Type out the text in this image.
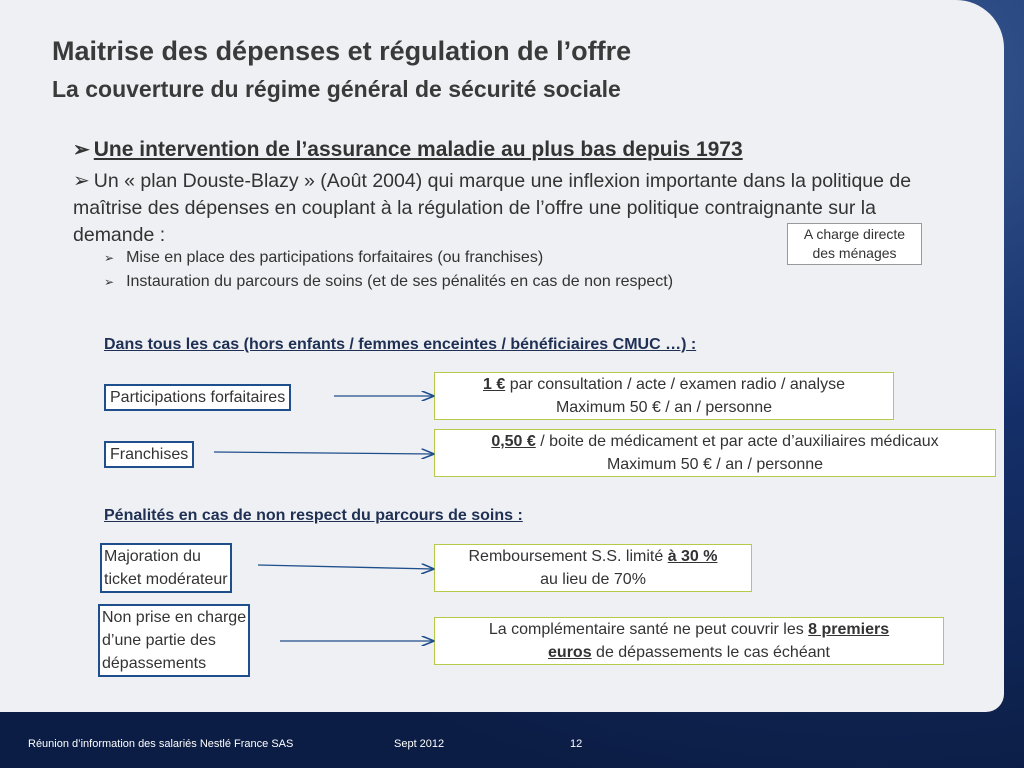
Maitrise des dépenses et régulation de l’offre
La couverture du régime général de sécurité sociale
➢ Une intervention de l’assurance maladie au plus bas depuis 1973
➢ Un « plan Douste-Blazy » (Août 2004) qui marque une inflexion importante dans la politique de maîtrise des dépenses en couplant à la régulation de l’offre une politique contraignante sur la demande :
➢ Mise en place des participations forfaitaires (ou franchises)
➢ Instauration du parcours de soins (et de ses pénalités en cas de non respect)
A charge directe
des ménages
Dans tous les cas (hors enfants / femmes enceintes / bénéficiaires CMUC …) :
Participations forfaitaires
1 € par consultation / acte / examen radio / analyse
Maximum 50 € / an / personne
Franchises
0,50 € / boite de médicament et par acte d’auxiliaires médicaux
Maximum 50 € / an / personne
Pénalités en cas de non respect du parcours de soins :
Majoration du
ticket modérateur
Remboursement S.S. limité à 30 %
au lieu de 70%
Non prise en charge
d’une partie des
dépassements
La complémentaire santé ne peut couvrir les 8 premiers
euros de dépassements le cas échéant
Réunion d’information des salariés Nestlé France SAS	Sept 2012	12
